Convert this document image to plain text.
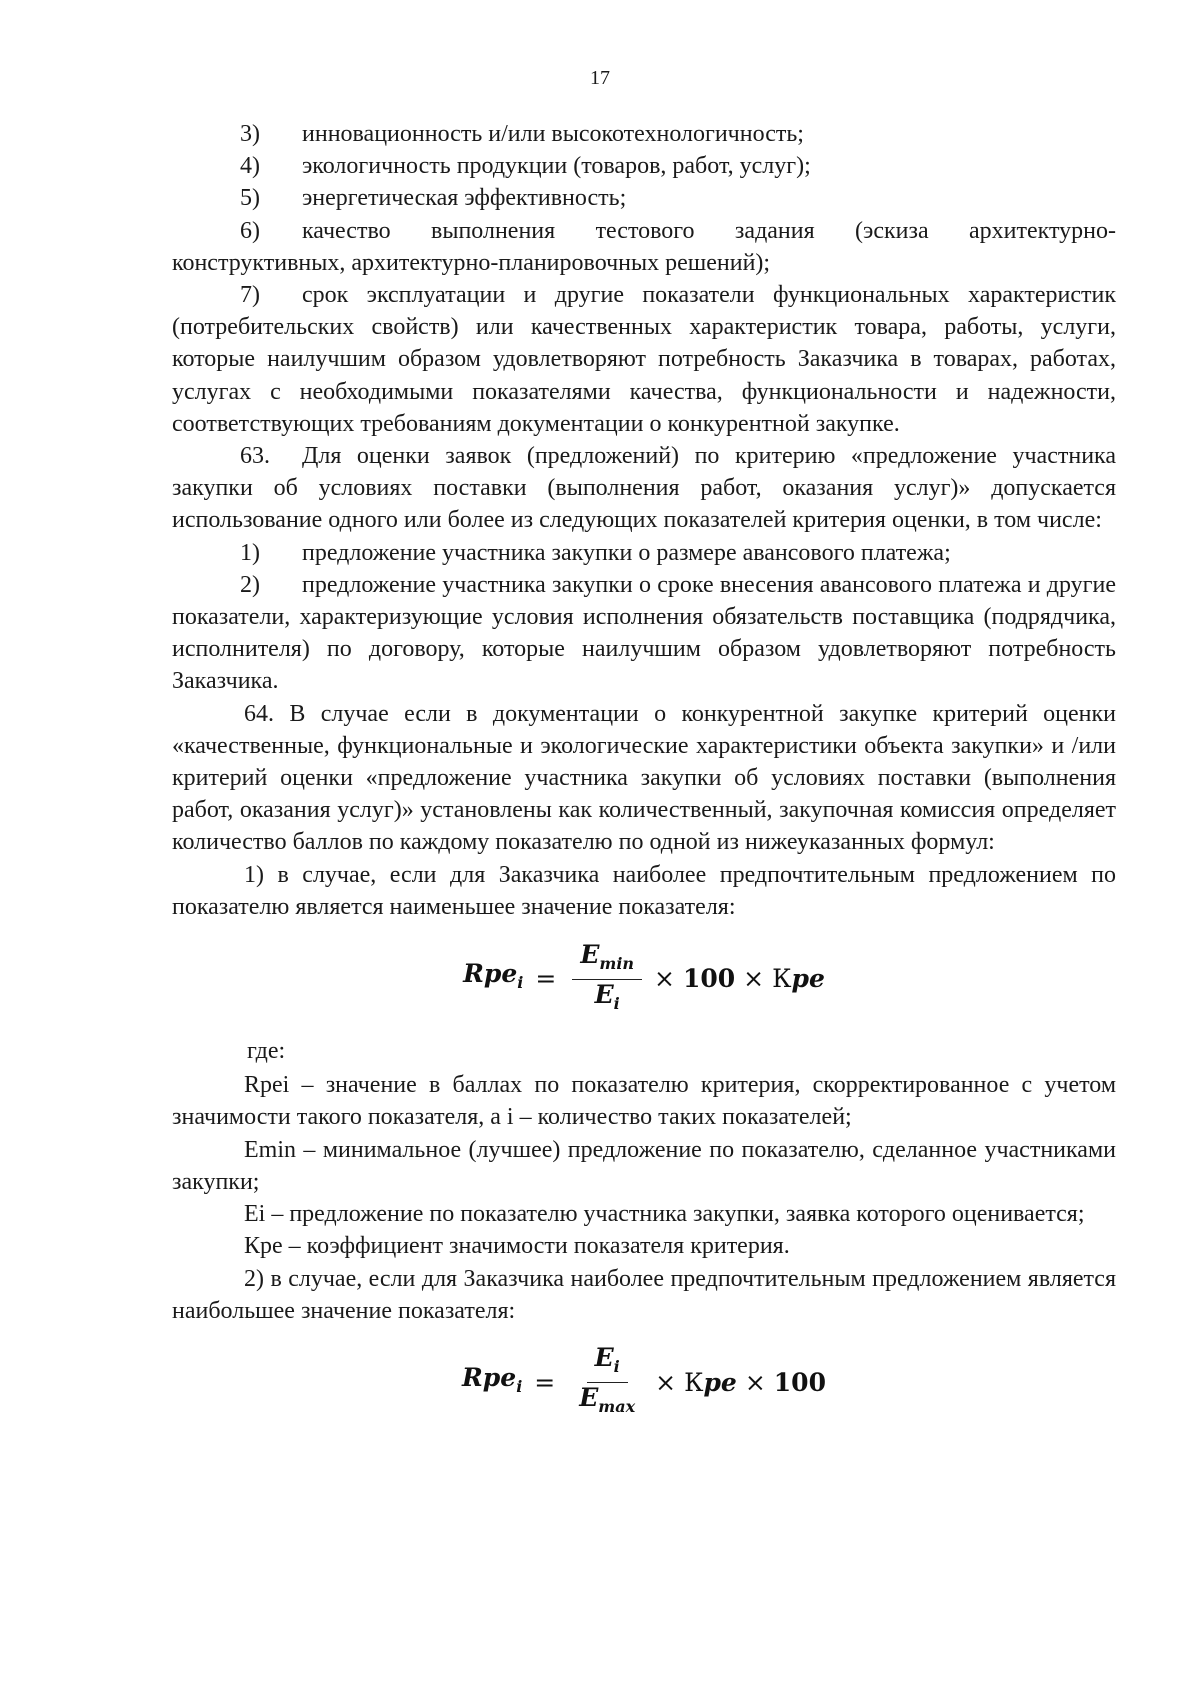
17

3) инновационность и/или высокотехнологичность;

4) экологичность продукции (товаров, работ, услуг);

5) энергетическая эффективность;

6) качество выполнения тестового задания (эскиза архитектурно-конструктивных, архитектурно-планировочных решений);

7) срок эксплуатации и другие показатели функциональных характеристик (потребительских свойств) или качественных характеристик товара, работы, услуги, которые наилучшим образом удовлетворяют потребность Заказчика в товарах, работах, услугах с необходимыми показателями качества, функциональности и надежности, соответствующих требованиям документации о конкурентной закупке.

63. Для оценки заявок (предложений) по критерию «предложение участника закупки об условиях поставки (выполнения работ, оказания услуг)» допускается использование одного или более из следующих показателей критерия оценки, в том числе:

1) предложение участника закупки о размере авансового платежа;

2) предложение участника закупки о сроке внесения авансового платежа и другие показатели, характеризующие условия исполнения обязательств поставщика (подрядчика, исполнителя) по договору, которые наилучшим образом удовлетворяют потребность Заказчика.

64. В случае если в документации о конкурентной закупке критерий оценки «качественные, функциональные и экологические характеристики объекта закупки» и /или критерий оценки «предложение участника закупки об условиях поставки (выполнения работ, оказания услуг)» установлены как количественный, закупочная комиссия определяет количество баллов по каждому показателю по одной из нижеуказанных формул:

1) в случае, если для Заказчика наиболее предпочтительным предложением по показателю является наименьшее значение показателя:

$Rpe_i = \frac{E_{min}}{E_i} \times 100$ × Кpe

где:

Rpei – значение в баллах по показателю критерия, скорректированное с учетом значимости такого показателя, а i – количество таких показателей;

Emin – минимальное (лучшее) предложение по показателю, сделанное участниками закупки;

Ei – предложение по показателю участника закупки, заявка которого оценивается;

Кре – коэффициент значимости показателя критерия.

2) в случае, если для Заказчика наиболее предпочтительным предложением является наибольшее значение показателя:

$Rpe_i = \frac{E_i}{E_{max}}$ × Кpe × 100
